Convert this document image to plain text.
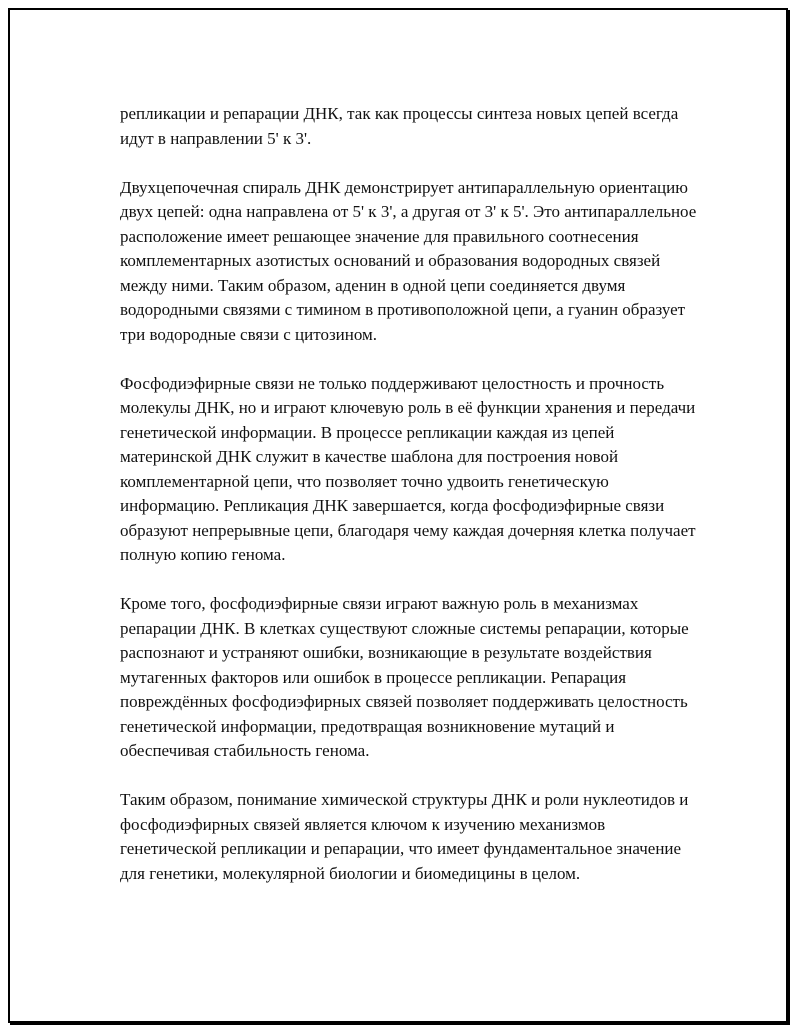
репликации и репарации ДНК, так как процессы синтеза новых цепей всегда идут в направлении 5' к 3'.

Двухцепочечная спираль ДНК демонстрирует антипараллельную ориентацию двух цепей: одна направлена от 5' к 3', а другая от 3' к 5'. Это антипараллельное расположение имеет решающее значение для правильного соотнесения комплементарных азотистых оснований и образования водородных связей между ними. Таким образом, аденин в одной цепи соединяется двумя водородными связями с тимином в противоположной цепи, а гуанин образует три водородные связи с цитозином.

Фосфодиэфирные связи не только поддерживают целостность и прочность молекулы ДНК, но и играют ключевую роль в её функции хранения и передачи генетической информации. В процессе репликации каждая из цепей материнской ДНК служит в качестве шаблона для построения новой комплементарной цепи, что позволяет точно удвоить генетическую информацию. Репликация ДНК завершается, когда фосфодиэфирные связи образуют непрерывные цепи, благодаря чему каждая дочерняя клетка получает полную копию генома.

Кроме того, фосфодиэфирные связи играют важную роль в механизмах репарации ДНК. В клетках существуют сложные системы репарации, которые распознают и устраняют ошибки, возникающие в результате воздействия мутагенных факторов или ошибок в процессе репликации. Репарация повреждённых фосфодиэфирных связей позволяет поддерживать целостность генетической информации, предотвращая возникновение мутаций и обеспечивая стабильность генома.

Таким образом, понимание химической структуры ДНК и роли нуклеотидов и фосфодиэфирных связей является ключом к изучению механизмов генетической репликации и репарации, что имеет фундаментальное значение для генетики, молекулярной биологии и биомедицины в целом.
